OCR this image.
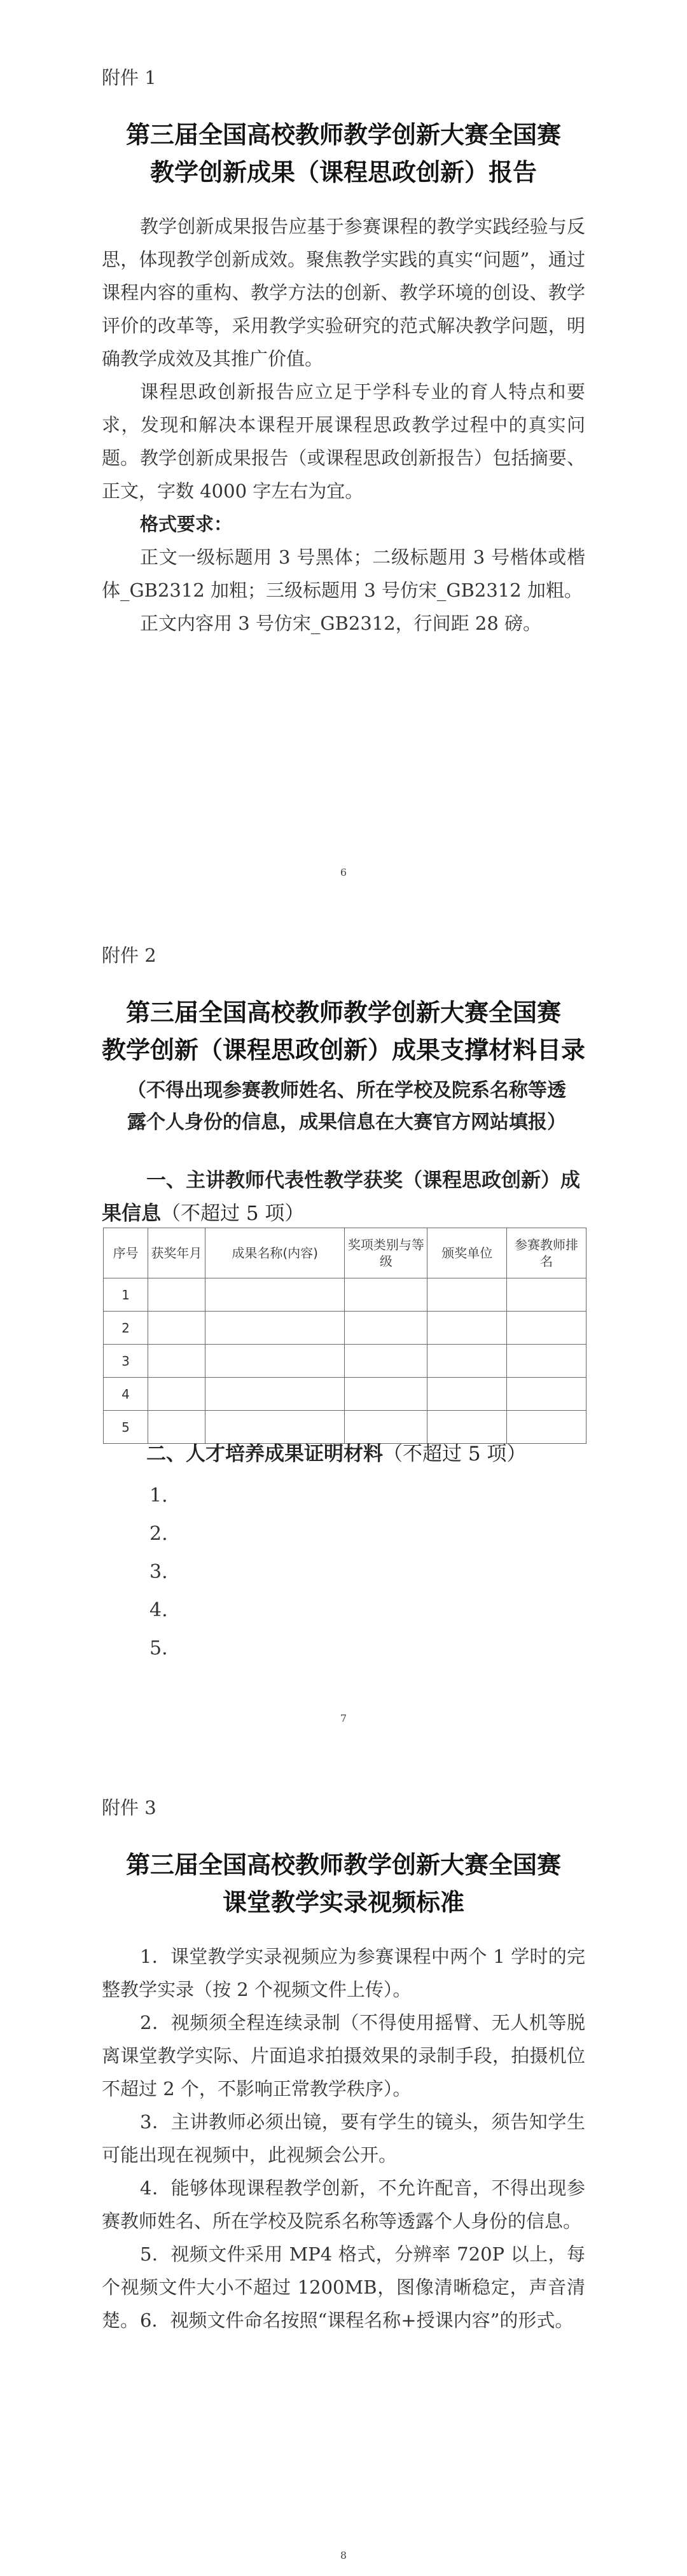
附件 1
第三届全国高校教师教学创新大赛全国赛
教学创新成果（课程思政创新）报告
教学创新成果报告应基于参赛课程的教学实践经验与反思，体现教学创新成效。聚焦教学实践的真实“问题”，通过课程内容的重构、教学方法的创新、教学环境的创设、教学评价的改革等，采用教学实验研究的范式解决教学问题，明确教学成效及其推广价值。
课程思政创新报告应立足于学科专业的育人特点和要求，发现和解决本课程开展课程思政教学过程中的真实问题。 教学创新成果报告（或课程思政创新报告）包括摘要、正文，字数 4000 字左右为宜。
格式要求：
正文一级标题用 3 号黑体；二级标题用 3 号楷体或楷体_GB2312 加粗；三级标题用 3 号仿宋_GB2312 加粗。
正文内容用 3 号仿宋_GB2312，行间距 28 磅。
6
附件 2
第三届全国高校教师教学创新大赛全国赛
教学创新（课程思政创新）成果支撑材料目录
（不得出现参赛教师姓名、所在学校及院系名称等透露个人身份的信息，成果信息在大赛官方网站填报）
一、主讲教师代表性教学获奖（课程思政创新）成果信息（不超过 5 项）
序号	获奖年月	成果名称(内容)	奖项类别与等级	颁奖单位	参赛教师排名
1					
2					
3					
4					
5					
二、人才培养成果证明材料（不超过 5 项）
1.
2.
3.
4.
5.
7
附件 3
第三届全国高校教师教学创新大赛全国赛
课堂教学实录视频标准
1．课堂教学实录视频应为参赛课程中两个 1 学时的完整教学实录（按 2 个视频文件上传）。
2．视频须全程连续录制（不得使用摇臂、无人机等脱离课堂教学实际、片面追求拍摄效果的录制手段，拍摄机位不超过 2 个，不影响正常教学秩序）。
3．主讲教师必须出镜，要有学生的镜头，须告知学生可能出现在视频中，此视频会公开。
4．能够体现课程教学创新，不允许配音，不得出现参赛教师姓名、所在学校及院系名称等透露个人身份的信息。
5．视频文件采用 MP4 格式，分辨率 720P 以上，每个视频文件大小不超过 1200MB，图像清晰稳定，声音清楚。 6．视频文件命名按照“课程名称+授课内容”的形式。
8
